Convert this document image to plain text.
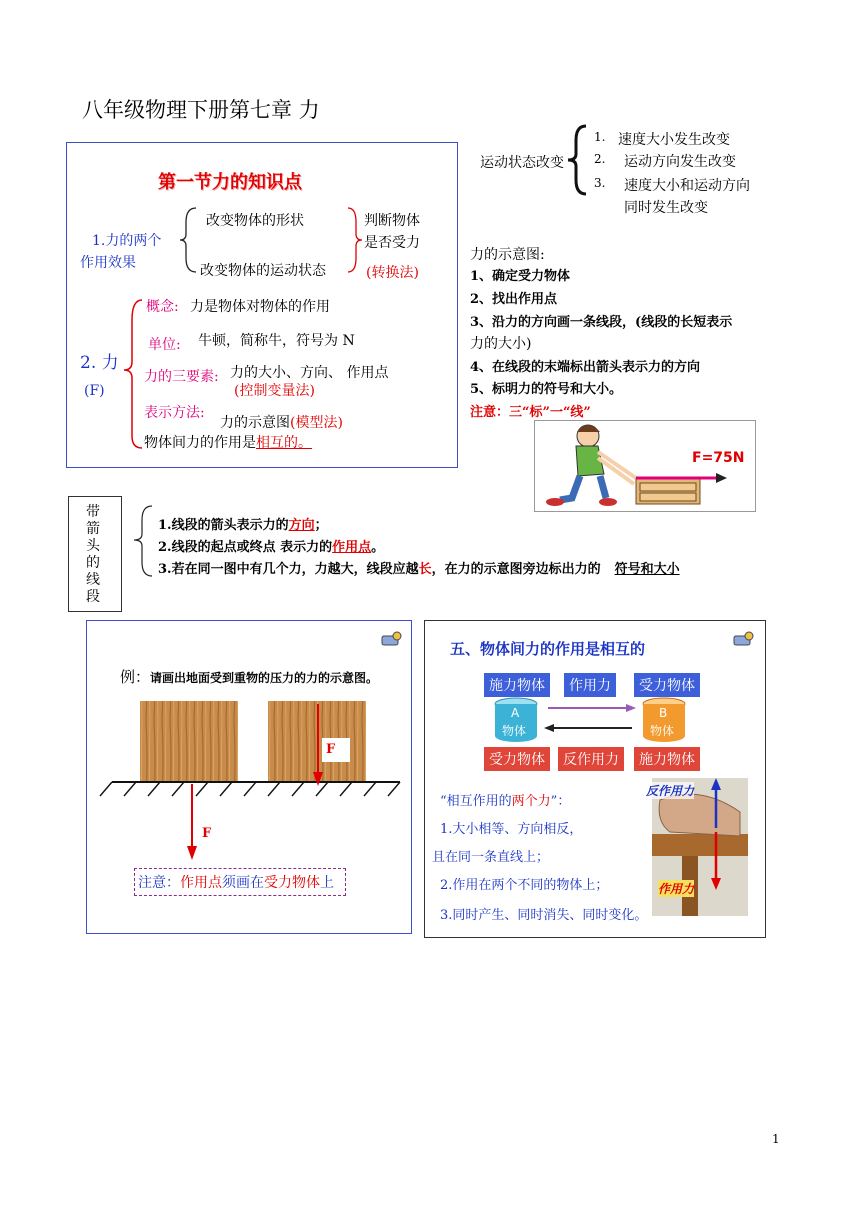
八年级物理下册第七章 力
第一节力的知识点
1.力的两个
作用效果
改变物体的形状
改变物体的运动状态
判断物体
是否受力
(转换法)
2. 力
(F)
概念: 力是物体对物体的作用
单位: 牛顿，简称牛，符号为 N
力的三要素: 力的大小、方向、 作用点
(控制变量法)
表示方法:
力的示意图(模型法)
物体间力的作用是相互的。
运动状态改变
1. 速度大小发生改变
2. 运动方向发生改变
3. 速度大小和运动方向
同时发生改变
力的示意图:
1、确定受力物体
2、找出作用点
3、沿力的方向画一条线段，(线段的长短表示
力的大小)
4、在线段的末端标出箭头表示力的方向
5、标明力的符号和大小。
注意：三“标”一“线”
F=75N
带箭头的线段
1.线段的箭头表示力的方向；
2.线段的起点或终点 表示力的作用点。
3.若在同一图中有几个力，力越大，线段应越长，在力的示意图旁边标出力的 符号和大小
例：请画出地面受到重物的压力的力的示意图。
F
F
注意：作用点须画在受力物体上
五、物体间力的作用是相互的
施力物体	作用力	受力物体
A
物体
B
物体
受力物体	反作用力	施力物体
“相互作用的两个力”：
1.大小相等、方向相反，
且在同一条直线上；
2.作用在两个不同的物体上；
3.同时产生、同时消失、同时变化。
反作用力
作用力
1
